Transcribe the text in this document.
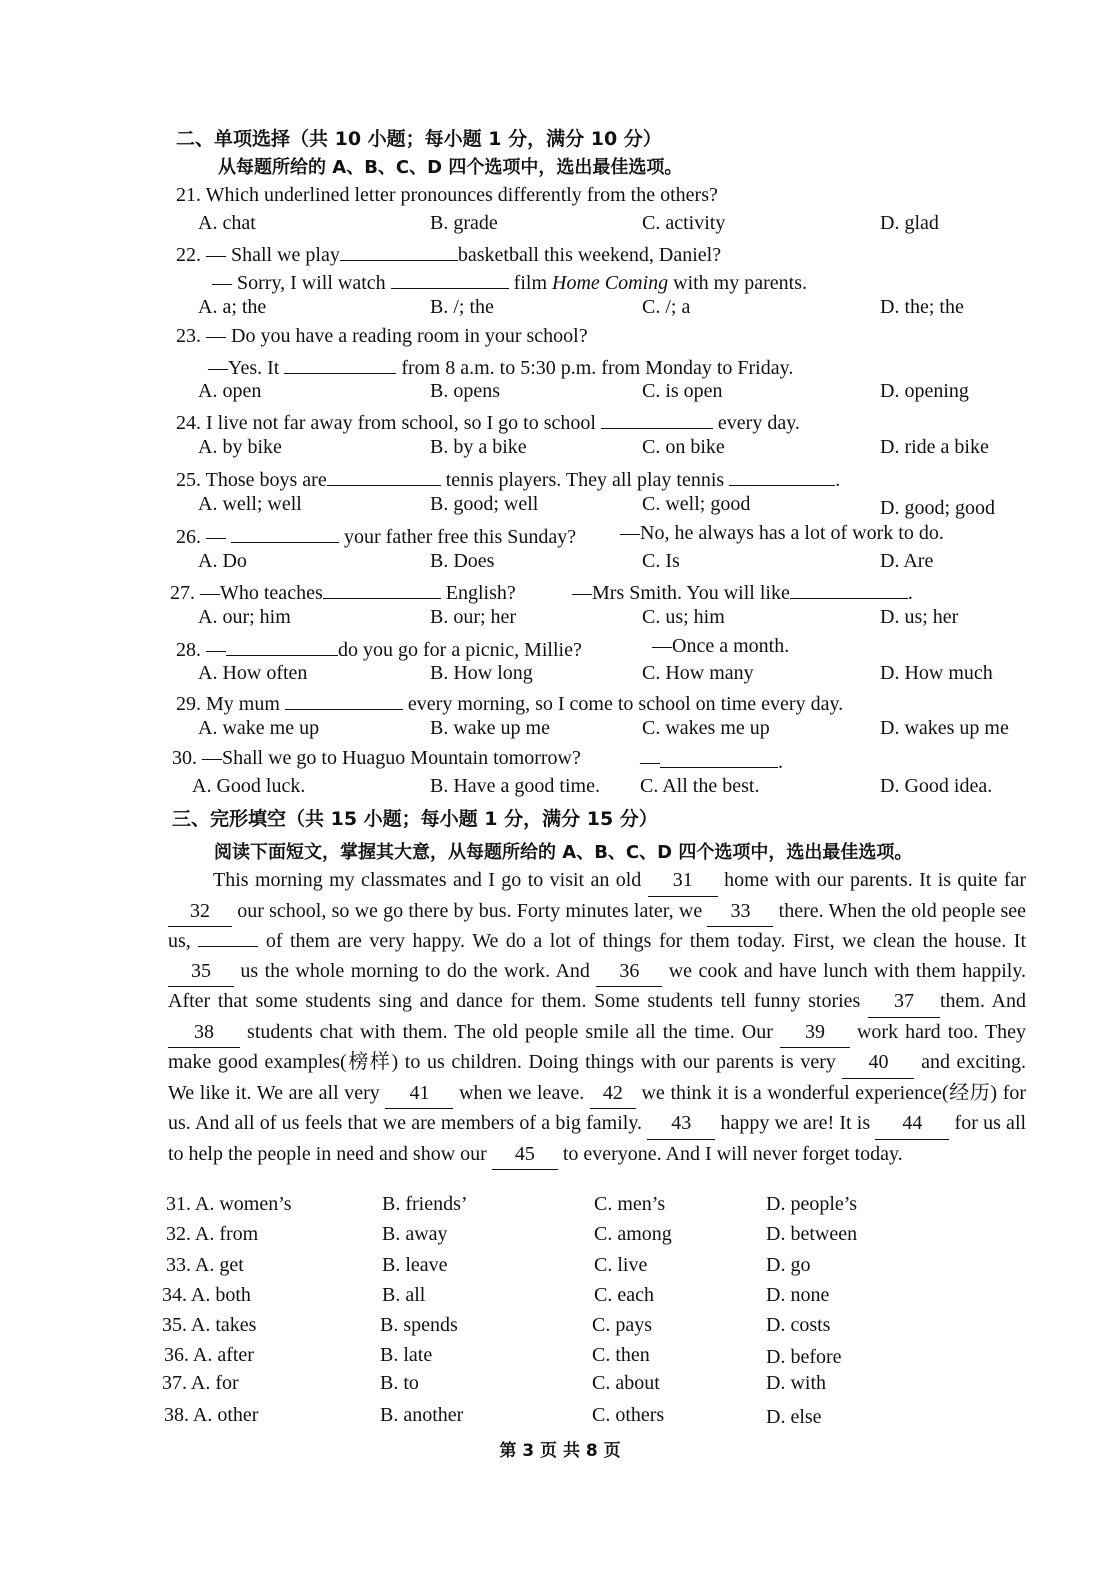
二、单项选择（共 10 小题；每小题 1 分，满分 10 分）
从每题所给的 A、B、C、D 四个选项中，选出最佳选项。
21. Which underlined letter pronounces differently from the others?
A. chat	B. grade	C. activity	D. glad
22. — Shall we play	basketball this weekend, Daniel?
— Sorry, I will watch	film Home Coming with my parents.
A. a; the	B. /; the	C. /; a	D. the; the
23. — Do you have a reading room in your school?
—Yes. It	from 8 a.m. to 5:30 p.m. from Monday to Friday.
A. open	B. opens	C. is open	D. opening
24. I live not far away from school, so I go to school	every day.
A. by bike	B. by a bike	C. on bike	D. ride a bike
25. Those boys are	tennis players. They all play tennis	.
A. well; well	B. good; well	C. well; good	D. good; good
26. —	your father free this Sunday? —No, he always has a lot of work to do.
A. Do	B. Does	C. Is	D. Are
27. —Who teaches	English?	—Mrs Smith. You will like	.
A. our; him	B. our; her	C. us; him	D. us; her
28. —	do you go for a picnic, Millie?	—Once a month.
A. How often	B. How long	C. How many	D. How much
29. My mum	every morning, so I come to school on time every day.
A. wake me up	B. wake up me	C. wakes me up	D. wakes up me
30. —Shall we go to Huaguo Mountain tomorrow?	—	.
A. Good luck.	B. Have a good time. C. All the best.	D. Good idea.
三、完形填空（共 15 小题；每小题 1 分，满分 15 分）
阅读下面短文，掌握其大意，从每题所给的 A、B、C、D 四个选项中，选出最佳选项。
This morning my classmates and I go to visit an old 31 home with our parents. It is quite far 32 our school, so we go there by bus. Forty minutes later, we 33 there. When the old people see us,	of them are very happy. We do a lot of things for them today. First, we clean the house. It 35 us the whole morning to do the work. And 36 we cook and have lunch with them happily. After that some students sing and dance for them. Some students tell funny stories 37 them. And 38 students chat with them. The old people smile all the time. Our 39 work hard too. They make good examples(榜样) to us children. Doing things with our parents is very 40 and exciting. We like it. We are all very 41 when we leave. 42 we think it is a wonderful experience(经历) for us. And all of us feels that we are members of a big family. 43 happy we are! It is 44 for us all to help the people in need and show our 45 to everyone. And I will never forget today.
31. A. women’s	B. friends’	C. men’s	D. people’s
32. A. from	B. away	C. among	D. between
33. A. get	B. leave	C. live	D. go
34. A. both	B. all	C. each	D. none
35. A. takes	B. spends	C. pays	D. costs
36. A. after	B. late	C. then	D. before
37. A. for	B. to	C. about	D. with
38. A. other	B. another	C. others	D. else
第 3 页 共 8 页
